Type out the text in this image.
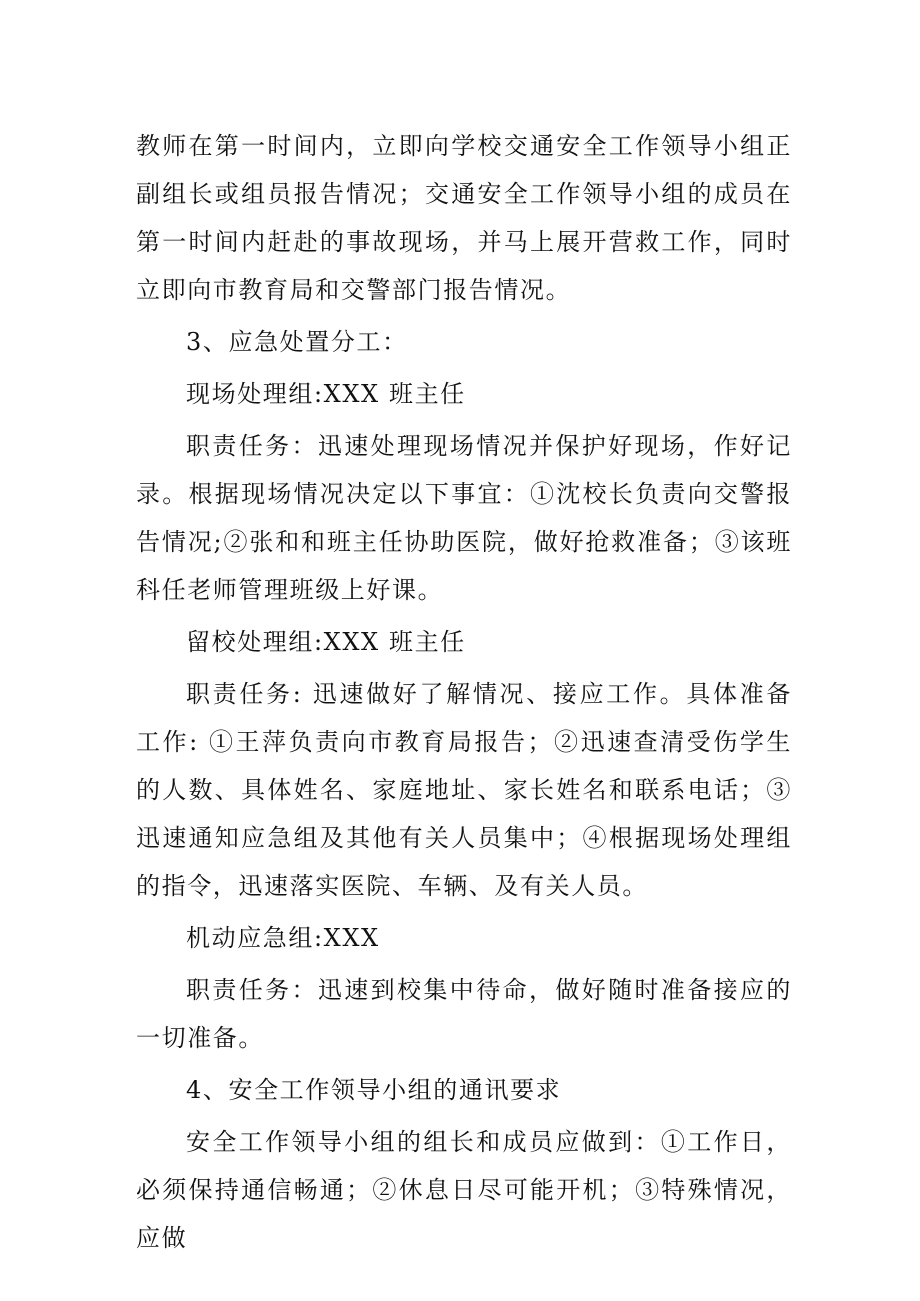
教师在第一时间内，立即向学校交通安全工作领导小组正副组长或组员报告情况；交通安全工作领导小组的成员在第一时间内赶赴的事故现场，并马上展开营救工作，同时立即向市教育局和交警部门报告情况。

3、应急处置分工：

现场处理组:XXX 班主任

职责任务：迅速处理现场情况并保护好现场，作好记录。根据现场情况决定以下事宜：①沈校长负责向交警报告情况;②张和和班主任协助医院，做好抢救准备；③该班科任老师管理班级上好课。

留校处理组:XXX 班主任

职责任务: 迅速做好了解情况、接应工作。具体准备工作: ①王萍负责向市教育局报告；②迅速查清受伤学生的人数、具体姓名、家庭地址、家长姓名和联系电话；③迅速通知应急组及其他有关人员集中；④根据现场处理组的指令，迅速落实医院、车辆、及有关人员。

机动应急组:XXX

职责任务：迅速到校集中待命，做好随时准备接应的一切准备。

4、安全工作领导小组的通讯要求

安全工作领导小组的组长和成员应做到：①工作日，必须保持通信畅通；②休息日尽可能开机；③特殊情况，应做
